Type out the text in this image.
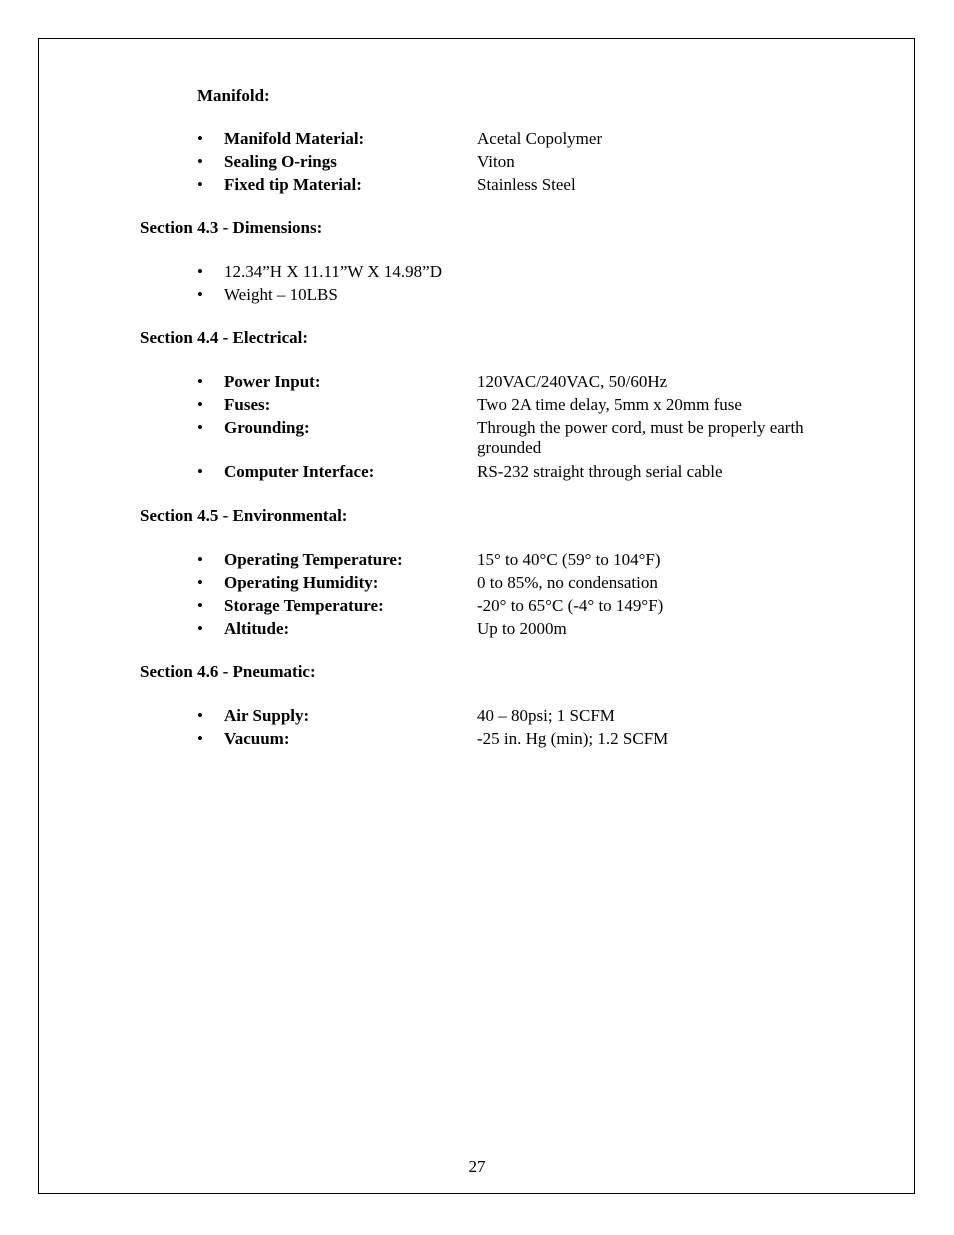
Manifold:
• Manifold Material:	Acetal Copolymer
• Sealing O-rings	Viton
• Fixed tip Material:	Stainless Steel
Section 4.3 - Dimensions:
• 12.34”H X 11.11”W X 14.98”D
• Weight – 10LBS
Section 4.4 - Electrical:
• Power Input:	120VAC/240VAC, 50/60Hz
• Fuses:	Two 2A time delay, 5mm x 20mm fuse
• Grounding:	Through the power cord, must be properly earth grounded
• Computer Interface:	RS-232 straight through serial cable
Section 4.5 - Environmental:
• Operating Temperature:	15° to 40°C (59° to 104°F)
• Operating Humidity:	0 to 85%, no condensation
• Storage Temperature:	-20° to 65°C (-4° to 149°F)
• Altitude:	Up to 2000m
Section 4.6 - Pneumatic:
• Air Supply:	40 – 80psi; 1 SCFM
• Vacuum:	-25 in. Hg (min); 1.2 SCFM
27
